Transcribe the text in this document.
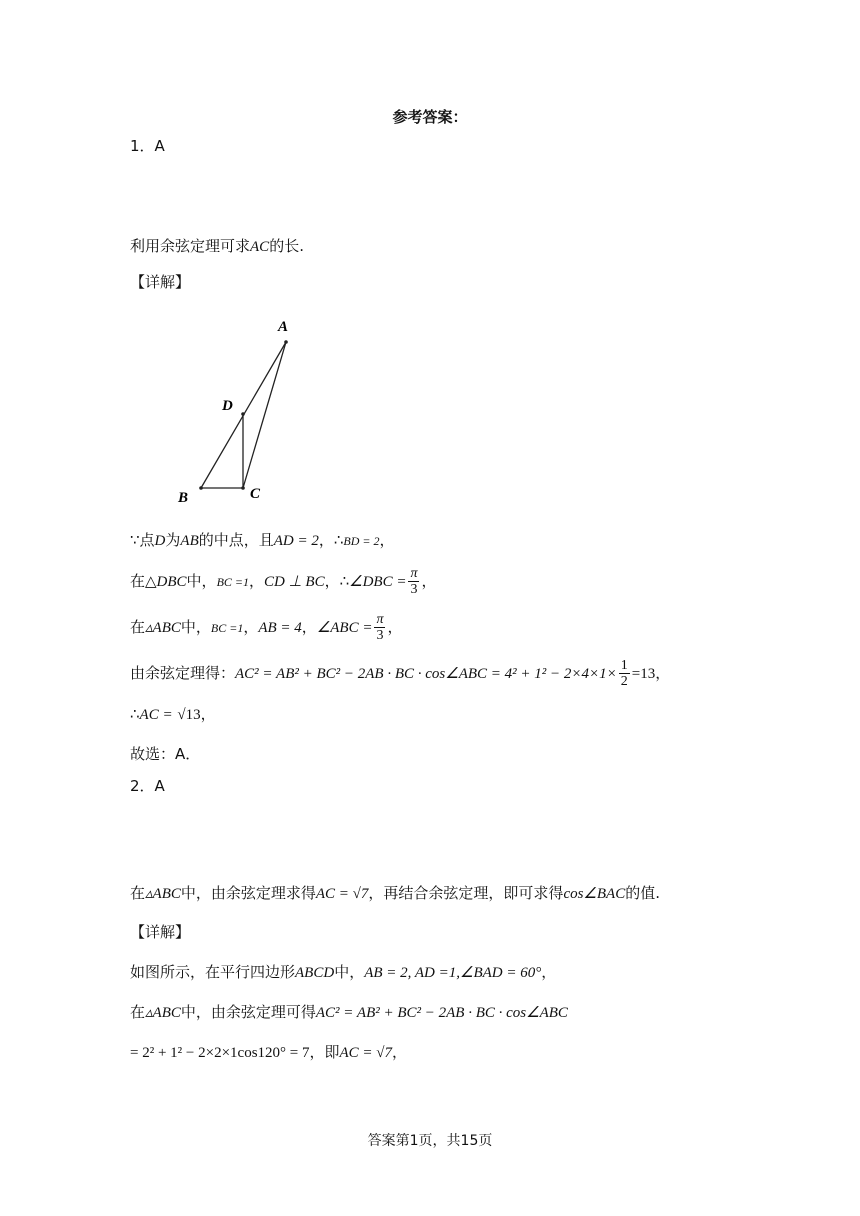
参考答案：
1．A
利用余弦定理可求AC的长.
【详解】
A
D
B	C
∵点D为AB的中点，且AD = 2，∴BD = 2，
在△DBC中，BC =1，CD ⊥ BC，∴∠DBC = $\frac{\pi}{3}$ ，
在▵ABC中，BC =1，AB = 4，∠ABC = $\frac{\pi}{3}$ ，
由余弦定理得：AC² = AB² + BC² − 2AB · BC · cos∠ABC = $4^2 + 1^2 - 2\times 4\times 1\times \frac{1}{2} =13$，
∴AC = √13，
故选：A．
2．A
在▵ABC中，由余弦定理求得AC = √7，再结合余弦定理，即可求得cos∠BAC的值.
【详解】
如图所示，在平行四边形ABCD中，AB = 2, AD =1,∠BAD = 60°，
在▵ABC中，由余弦定理可得AC² = AB² + BC² − 2AB · BC · cos∠ABC
= 2² + 1² − 2×2×1cos120° = 7，即AC = √7，
答案第1页，共15页
